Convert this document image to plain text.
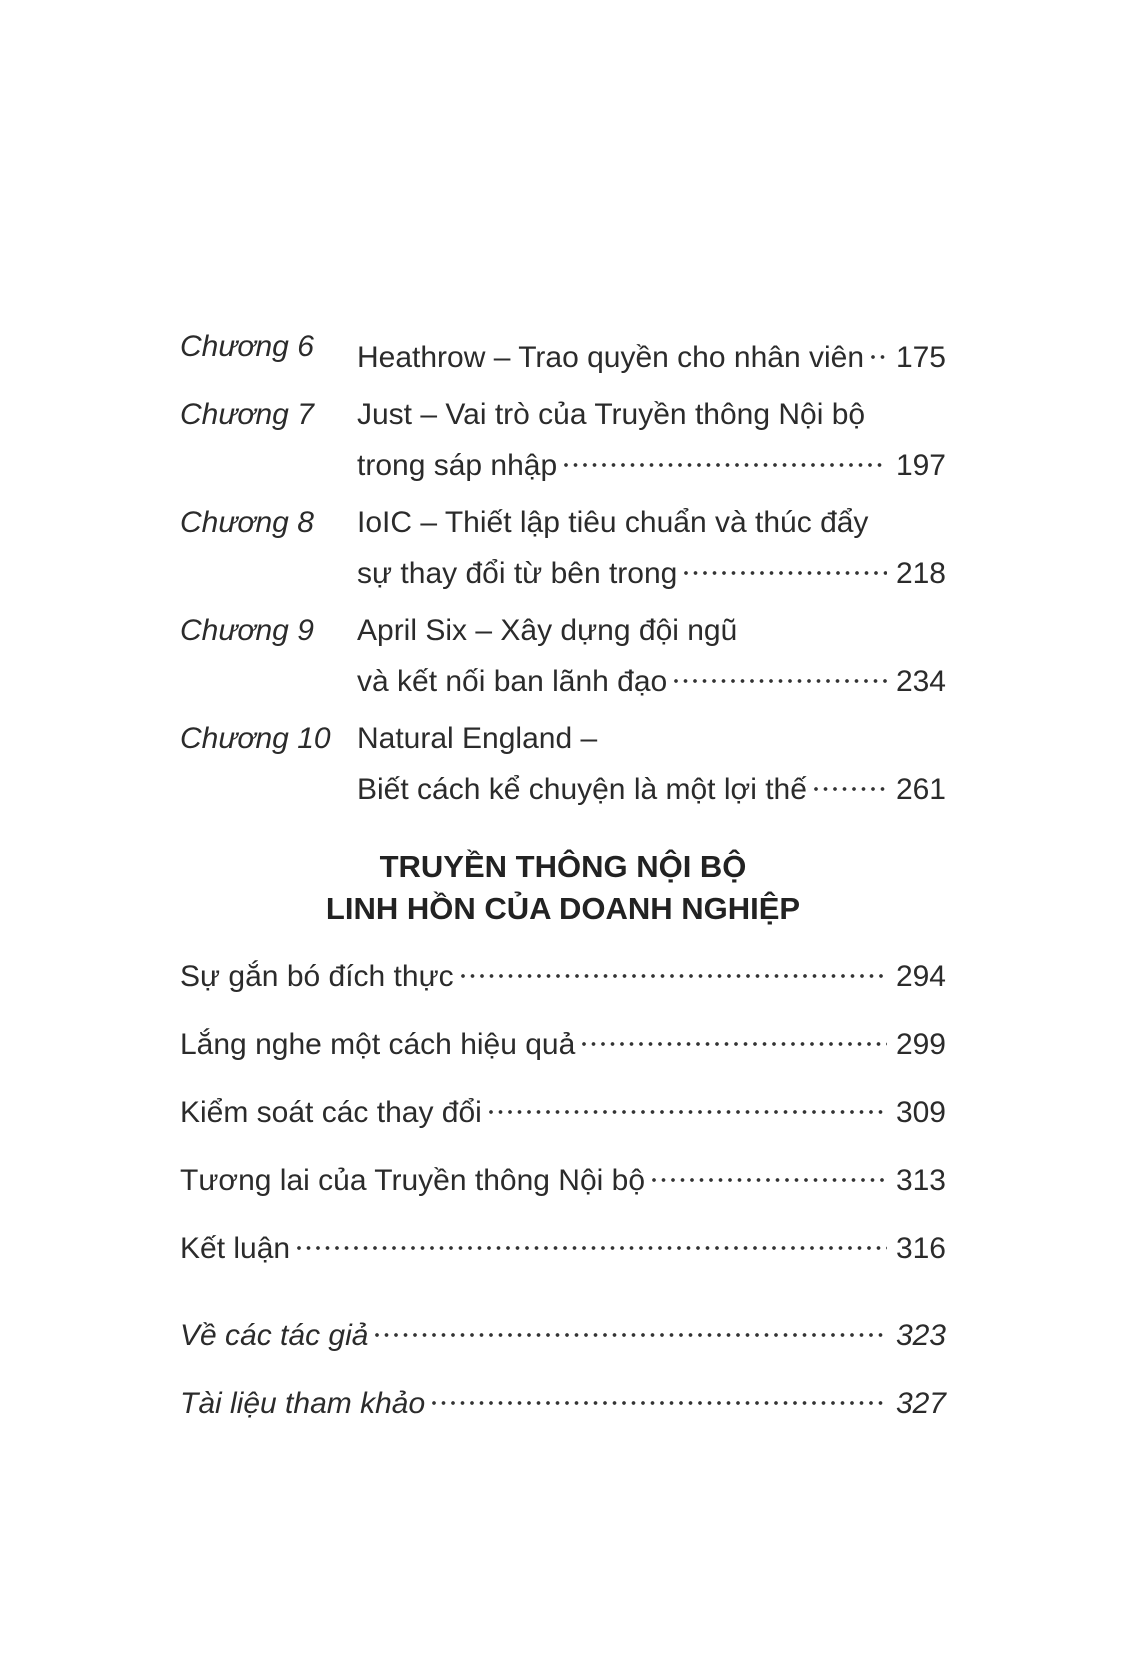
Chương 6	Heathrow – Trao quyền cho nhân viên 175
Chương 7	Just – Vai trò của Truyền thông Nội bộ
trong sáp nhập	197
Chương 8	IoIC – Thiết lập tiêu chuẩn và thúc đẩy
sự thay đổi từ bên trong	218
Chương 9	April Six – Xây dựng đội ngũ
và kết nối ban lãnh đạo	234
Chương 10 Natural England –
Biết cách kể chuyện là một lợi thế	261
TRUYỀN THÔNG NỘI BỘ
LINH HỒN CỦA DOANH NGHIỆP
Sự gắn bó đích thực	294
Lắng nghe một cách hiệu quả	299
Kiểm soát các thay đổi	309
Tương lai của Truyền thông Nội bộ	313
Kết luận	316
Về các tác giả	323
Tài liệu tham khảo	327
